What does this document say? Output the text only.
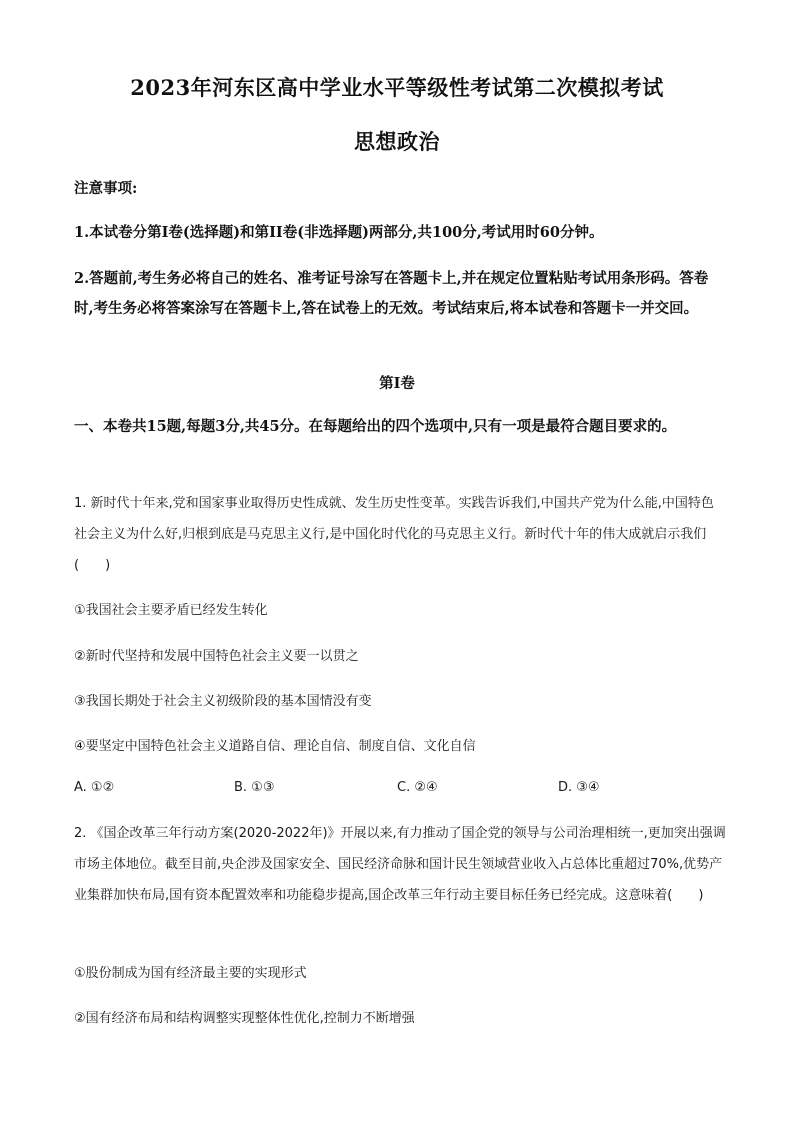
2023年河东区高中学业水平等级性考试第二次模拟考试
思想政治
注意事项:
1.本试卷分第I卷(选择题)和第II卷(非选择题)两部分,共100分,考试用时60分钟。
2.答题前,考生务必将自己的姓名、准考证号涂写在答题卡上,并在规定位置粘贴考试用条形码。答卷时,考生务必将答案涂写在答题卡上,答在试卷上的无效。考试结束后,将本试卷和答题卡一并交回。
第I卷
一、本卷共15题,每题3分,共45分。在每题给出的四个选项中,只有一项是最符合题目要求的。
1. 新时代十年来,党和国家事业取得历史性成就、发生历史性变革。实践告诉我们,中国共产党为什么能,中国特色社会主义为什么好,归根到底是马克思主义行,是中国化时代化的马克思主义行。新时代十年的伟大成就启示我们(　　)
①我国社会主要矛盾已经发生转化
②新时代坚持和发展中国特色社会主义要一以贯之
③我国长期处于社会主义初级阶段的基本国情没有变
④要坚定中国特色社会主义道路自信、理论自信、制度自信、文化自信
A. ①②	B. ①③	C. ②④	D. ③④
2. 《国企改革三年行动方案(2020-2022年)》开展以来,有力推动了国企党的领导与公司治理相统一,更加突出强调市场主体地位。截至目前,央企涉及国家安全、国民经济命脉和国计民生领域营业收入占总体比重超过70%,优势产业集群加快布局,国有资本配置效率和功能稳步提高,国企改革三年行动主要目标任务已经完成。这意味着(　　)
①股份制成为国有经济最主要的实现形式
②国有经济布局和结构调整实现整体性优化,控制力不断增强
